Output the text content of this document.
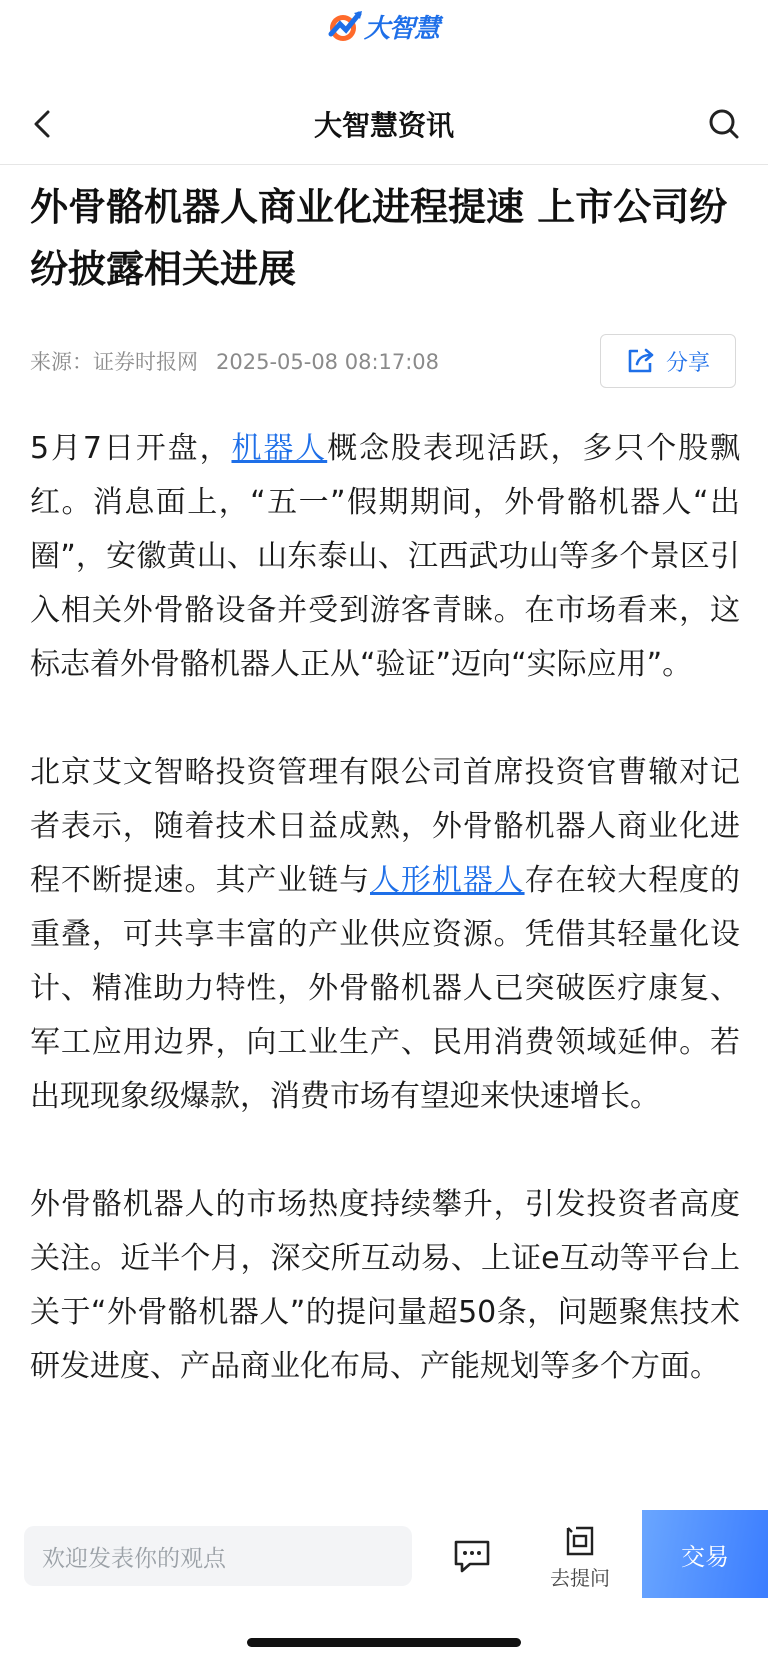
大智慧
大智慧资讯
外骨骼机器人商业化进程提速 上市公司纷纷披露相关进展
来源：证券时报网 2025-05-08 08:17:08	分享

5月7日开盘，机器人概念股表现活跃，多只个股飘红。消息面上，“五一”假期期间，外骨骼机器人“出圈”，安徽黄山、山东泰山、江西武功山等多个景区引入相关外骨骼设备并受到游客青睐。在市场看来，这标志着外骨骼机器人正从“验证”迈向“实际应用”。

北京艾文智略投资管理有限公司首席投资官曹辙对记者表示，随着技术日益成熟，外骨骼机器人商业化进程不断提速。其产业链与人形机器人存在较大程度的重叠，可共享丰富的产业供应资源。凭借其轻量化设计、精准助力特性，外骨骼机器人已突破医疗康复、军工应用边界，向工业生产、民用消费领域延伸。若出现现象级爆款，消费市场有望迎来快速增长。

外骨骼机器人的市场热度持续攀升，引发投资者高度关注。近半个月，深交所互动易、上证e互动等平台上关于“外骨骼机器人”的提问量超50条，问题聚焦技术研发进度、产品商业化布局、产能规划等多个方面。

欢迎发表你的观点
去提问
交易
